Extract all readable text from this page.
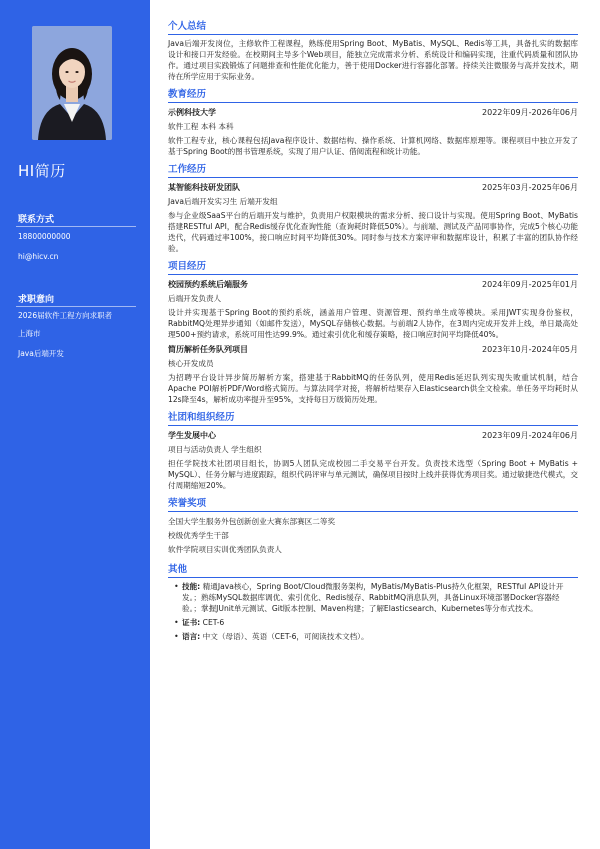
HI简历
联系方式
18800000000
hi@hicv.cn
求职意向
2026届软件工程方向求职者
上海市
Java后端开发
个人总结
Java后端开发岗位，主修软件工程课程，熟练使用Spring Boot、MyBatis、MySQL、Redis等工具，具备扎实的数据库设计和接口开发经验。在校期间主导多个Web项目，能独立完成需求分析、系统设计和编码实现，注重代码质量和团队协作。通过项目实践锻炼了问题排查和性能优化能力，善于使用Docker进行容器化部署。持续关注微服务与高并发技术，期待在所学应用于实际业务。
教育经历
示例科技大学	2022年09月-2026年06月
软件工程 本科 本科
软件工程专业，核心课程包括Java程序设计、数据结构、操作系统、计算机网络、数据库原理等。课程项目中独立开发了基于Spring Boot的图书管理系统，实现了用户认证、借阅流程和统计功能。
工作经历
某智能科技研发团队	2025年03月-2025年06月
Java后端开发实习生 后端开发组
参与企业级SaaS平台的后端开发与维护，负责用户权限模块的需求分析、接口设计与实现。使用Spring Boot、MyBatis搭建RESTful API，配合Redis缓存优化查询性能（查询耗时降低50%）。与前端、测试及产品同事协作，完成5个核心功能迭代，代码通过率100%，接口响应时间平均降低30%。同时参与技术方案评审和数据库设计，积累了丰富的团队协作经验。
项目经历
校园预约系统后端服务	2024年09月-2025年01月
后端开发负责人
设计并实现基于Spring Boot的预约系统，涵盖用户管理、资源管理、预约单生成等模块。采用JWT实现身份鉴权，RabbitMQ处理异步通知（如邮件发送），MySQL存储核心数据。与前端2人协作，在3周内完成开发并上线，单日最高处理500+预约请求，系统可用性达99.9%。通过索引优化和缓存策略，接口响应时间平均降低40%。
简历解析任务队列项目	2023年10月-2024年05月
核心开发成员
为招聘平台设计异步简历解析方案，搭建基于RabbitMQ的任务队列，使用Redis延迟队列实现失败重试机制，结合Apache POI解析PDF/Word格式简历。与算法同学对接，将解析结果存入Elasticsearch供全文检索。单任务平均耗时从12s降至4s，解析成功率提升至95%，支持每日万级简历处理。
社团和组织经历
学生发展中心	2023年09月-2024年06月
项目与活动负责人 学生组织
担任学院技术社团项目组长，协调5人团队完成校园二手交易平台开发。负责技术选型（Spring Boot + MyBatis + MySQL）、任务分解与进度跟踪，组织代码评审与单元测试，确保项目按时上线并获得优秀项目奖。通过敏捷迭代模式，交付周期缩短20%。
荣誉奖项
全国大学生服务外包创新创业大赛东部赛区二等奖
校级优秀学生干部
软件学院项目实训优秀团队负责人
其他
• 技能: 精通Java核心，Spring Boot/Cloud微服务架构，MyBatis/MyBatis-Plus持久化框架，RESTful API设计开发。；熟练MySQL数据库调优、索引优化、Redis缓存、RabbitMQ消息队列，具备Linux环境部署Docker容器经验。；掌握JUnit单元测试、Git版本控制、Maven构建；了解Elasticsearch、Kubernetes等分布式技术。
• 证书: CET-6
• 语言: 中文（母语）、英语（CET-6，可阅读技术文档）。
